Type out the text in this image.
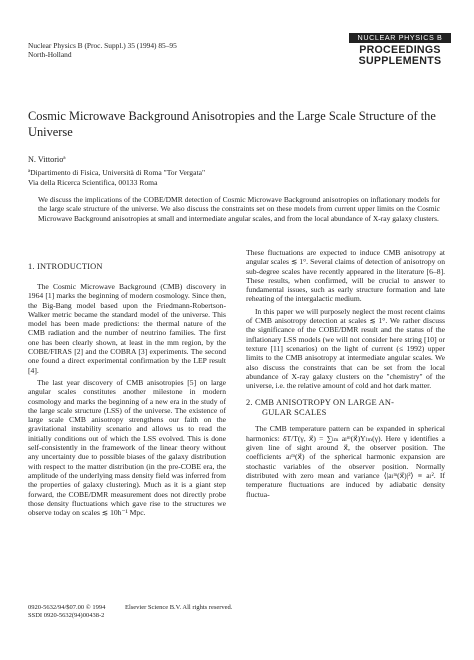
Nuclear Physics B (Proc. Suppl.) 35 (1994) 85–95
North-Holland
NUCLEAR PHYSICS B
PROCEEDINGS
SUPPLEMENTS
Cosmic Microwave Background Anisotropies and the Large Scale Structure of the Universe
N. Vittorioª
ªDipartimento di Fisica, Università di Roma "Tor Vergata"
Via della Ricerca Scientifica, 00133 Roma
We discuss the implications of the COBE/DMR detection of Cosmic Microwave Background anisotropies on inflationary models for the large scale structure of the universe. We also discuss the constraints set on these models from current upper limits on the Cosmic Microwave Background anisotropies at small and intermediate angular scales, and from the local abundance of X-ray galaxy clusters.
1. INTRODUCTION

The Cosmic Microwave Background (CMB) discovery in 1964 [1] marks the beginning of modern cosmology. Since then, the Big-Bang model based upon the Friedmann-Robertson-Walker metric became the standard model of the universe. This model has been made predictions: the thermal nature of the CMB radiation and the number of neutrino families. The first one has been clearly shown, at least in the mm region, by the COBE/FIRAS [2] and the COBRA [3] experiments. The second one found a direct experimental confirmation by the LEP result [4].

The last year discovery of CMB anisotropies [5] on large angular scales constitutes another milestone in modern cosmology and marks the beginning of a new era in the study of the large scale structure (LSS) of the universe. The existence of large scale CMB anisotropy strengthens our faith on the gravitational instability scenario and allows us to read the initially conditions out of which the LSS evolved. This is done self-consistently in the framework of the linear theory without any uncertainty due to possible biases of the galaxy distribution with respect to the matter distribution (in the pre-COBE era, the amplitude of the underlying mass density field was inferred from the properties of galaxy clustering). Much as it is a giant step forward, the COBE/DMR measurement does not directly probe those density fluctuations which gave rise to the structures we observe today on scales ≲ 10h⁻¹ Mpc.

These fluctuations are expected to induce CMB anisotropy at angular scales ≲ 1°. Several claims of detection of anisotropy on sub-degree scales have recently appeared in the literature [6–8]. These results, when confirmed, will be crucial to answer to fundamental issues, such as early structure formation and late reheating of the intergalactic medium.

In this paper we will purposely neglect the most recent claims of CMB anisotropy detection at scales ≲ 1°. We rather discuss the significance of the COBE/DMR result and the status of the inflationary LSS models (we will not consider here string [10] or texture [11] scenarios) on the light of current (≤ 1992) upper limits to the CMB anisotropy at intermediate angular scales. We also discuss the constraints that can be set from the local abundance of X-ray galaxy clusters on the "chemistry" of the universe, i.e. the relative amount of cold and hot dark matter.

2. CMB ANISOTROPY ON LARGE AN-
GULAR SCALES

The CMB temperature pattern can be expanded in spherical harmonics: δT/T(γ, x⃗) = ∑ₗₘ aₗᵐ(x⃗)Yₗₘ(γ). Here γ identifies a given line of sight around x⃗, the observer position. The coefficients aₗᵐ(x⃗) of the spherical harmonic expansion are stochastic variables of the observer position. Normally distributed with zero mean and variance ⟨|aₗᵐ(x⃗)|²⟩ ≡ aₗ². If temperature fluctuations are induced by adiabatic density fluctua-

0920-5632/94/$07.00 © 1994	Elsevier Science B.V. All rights reserved.
SSDI 0920-5632(94)00438-2
